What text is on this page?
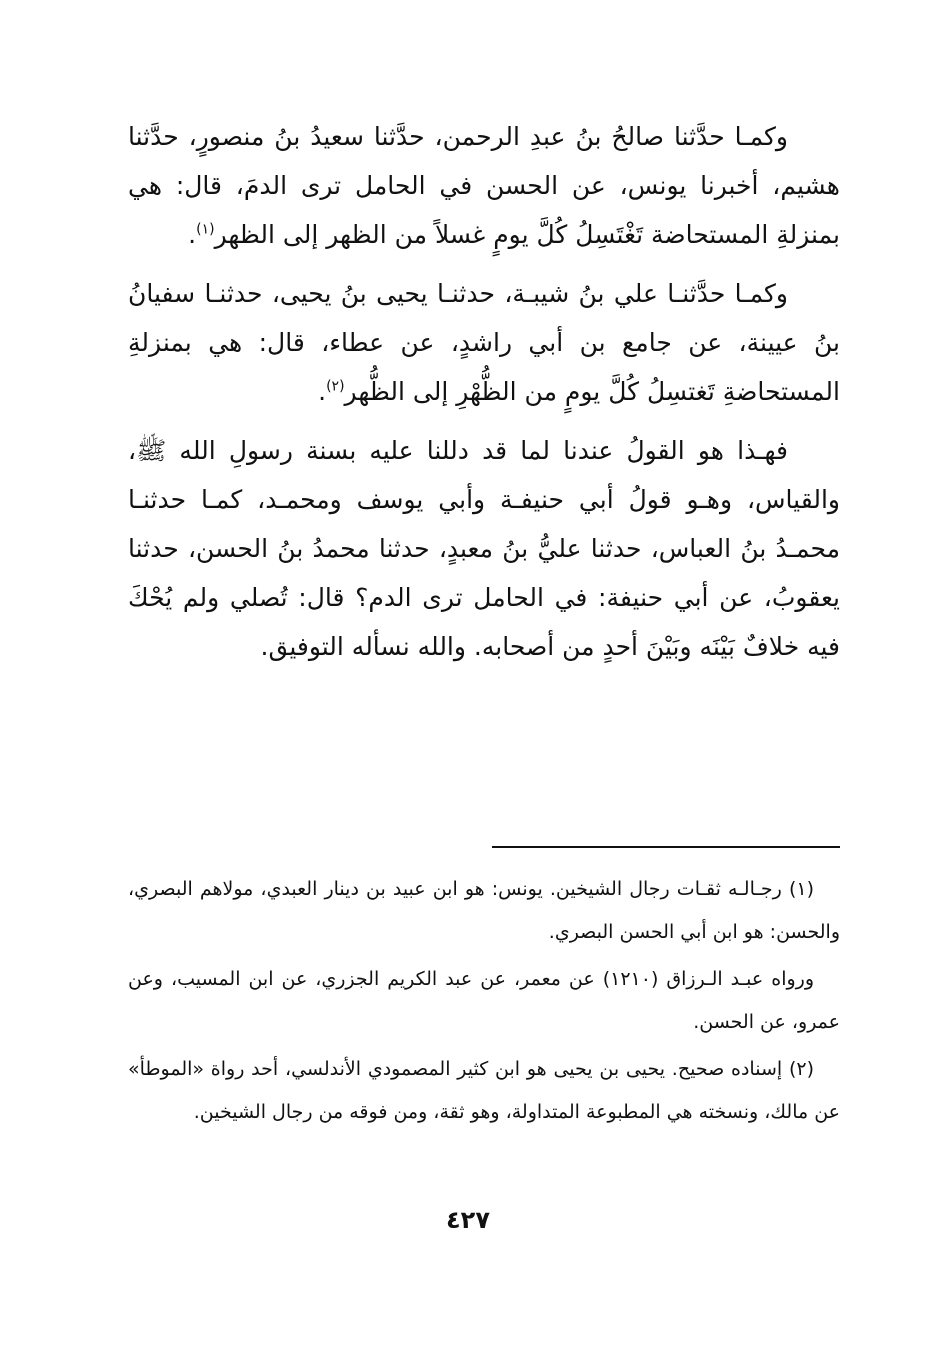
وكمـا حدَّثنا صالحُ بنُ عبدِ الرحمن، حدَّثنا سعيدُ بنُ منصورٍ، حدَّثنا هشيم، أخبرنا يونس، عن الحسن في الحامل ترى الدمَ، قال: هي بمنزلةِ المستحاضة تَغْتَسِلُ كُلَّ يومٍ غسلاً من الظهر إلى الظهر$^{(١)}$.

وكمـا حدَّثنـا علي بنُ شيبـة، حدثنـا يحيى بنُ يحيى، حدثنـا سفيانُ بنُ عيينة، عن جامع بن أبي راشدٍ، عن عطاء، قال: هي بمنزلةِ المستحاضةِ تَغتسِلُ كُلَّ يومٍ من الظُّهْرِ إلى الظُّهر$^{(٢)}$.

فهـذا هو القولُ عندنا لما قد دللنا عليه بسنة رسولِ الله ﷺ، والقياس، وهـو قولُ أبي حنيفـة وأبي يوسف ومحمـد، كمـا حدثنـا محمـدُ بنُ العباس، حدثنا عليُّ بنُ معبدٍ، حدثنا محمدُ بنُ الحسن، حدثنا يعقوبُ، عن أبي حنيفة: في الحامل ترى الدم؟ قال: تُصلي ولم يُحْكَ فيه خلافٌ بَيْنَه وبَيْنَ أحدٍ من أصحابه. والله نسأله التوفيق.

(١) رجـالـه ثقـات رجال الشيخين. يونس: هو ابن عبيد بن دينار العبدي، مولاهم البصري، والحسن: هو ابن أبي الحسن البصري.

ورواه عبـد الـرزاق (١٢١٠) عن معمر، عن عبد الكريم الجزري، عن ابن المسيب، وعن عمرو، عن الحسن.

(٢) إسناده صحيح. يحيى بن يحيى هو ابن كثير المصمودي الأندلسي، أحد رواة «الموطأ» عن مالك، ونسخته هي المطبوعة المتداولة، وهو ثقة، ومن فوقه من رجال الشيخين.

٤٢٧
